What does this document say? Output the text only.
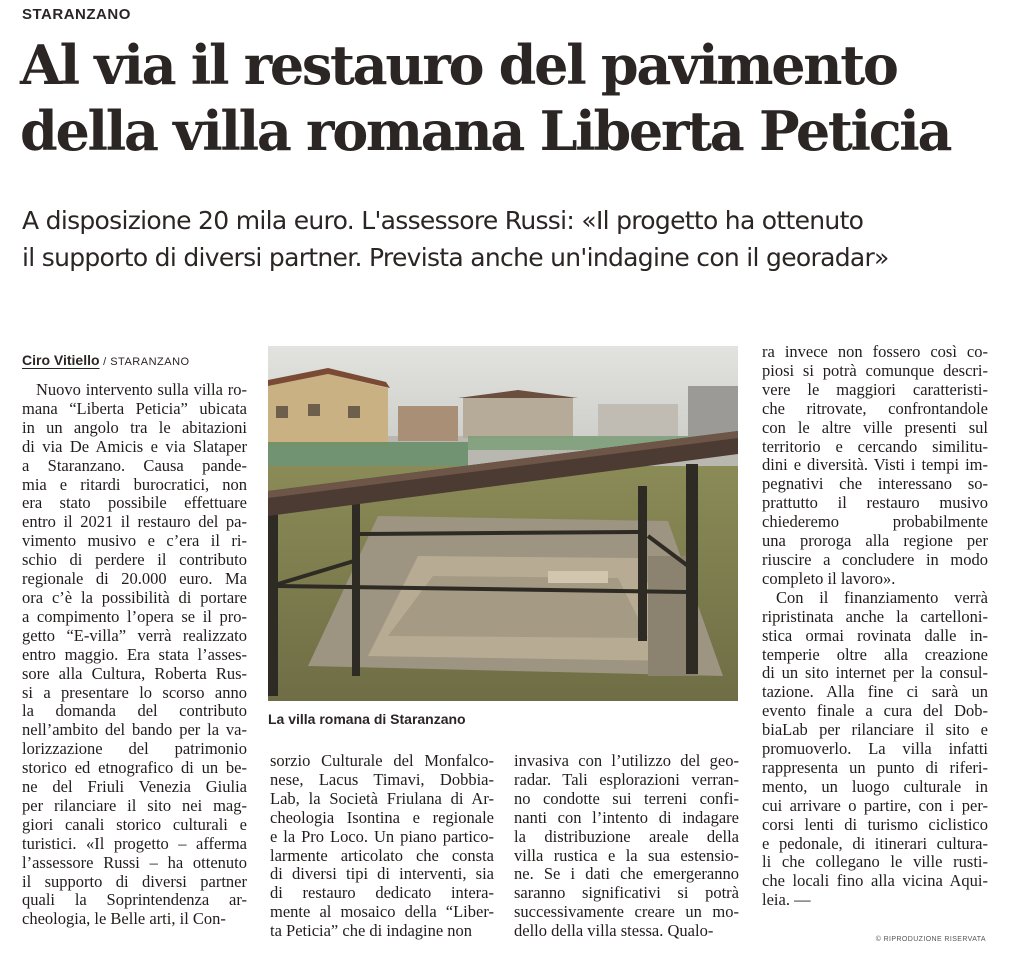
STARANZANO
Al via il restauro del pavimento
della villa romana Liberta Peticia
A disposizione 20 mila euro. L'assessore Russi: «Il progetto ha ottenuto
il supporto di diversi partner. Prevista anche un'indagine con il georadar»
Ciro Vitiello / STARANZANO
Nuovo intervento sulla villa ro-
mana “Liberta Peticia” ubicata
in un angolo tra le abitazioni
di via De Amicis e via Slataper
a Staranzano. Causa pande-
mia e ritardi burocratici, non
era stato possibile effettuare
entro il 2021 il restauro del pa-
vimento musivo e c’era il ri-
schio di perdere il contributo
regionale di 20.000 euro. Ma
ora c’è la possibilità di portare
a compimento l’opera se il pro-
getto “E-villa” verrà realizzato
entro maggio. Era stata l’asses-
sore alla Cultura, Roberta Rus-
si a presentare lo scorso anno
la domanda del contributo
nell’ambito del bando per la va-
lorizzazione del patrimonio
storico ed etnografico di un be-
ne del Friuli Venezia Giulia
per rilanciare il sito nei mag-
giori canali storico culturali e
turistici. «Il progetto – afferma
l’assessore Russi – ha ottenuto
il supporto di diversi partner
quali la Soprintendenza ar-
cheologia, le Belle arti, il Con-
La villa romana di Staranzano
sorzio Culturale del Monfalco-
nese, Lacus Timavi, Dobbia-
Lab, la Società Friulana di Ar-
cheologia Isontina e regionale
e la Pro Loco. Un piano partico-
larmente articolato che consta
di diversi tipi di interventi, sia
di restauro dedicato intera-
mente al mosaico della “Liber-
ta Peticia” che di indagine non
invasiva con l’utilizzo del geo-
radar. Tali esplorazioni verran-
no condotte sui terreni confi-
nanti con l’intento di indagare
la distribuzione areale della
villa rustica e la sua estensio-
ne. Se i dati che emergeranno
saranno significativi si potrà
successivamente creare un mo-
dello della villa stessa. Qualo-

ra invece non fossero così co-
piosi si potrà comunque descri-
vere le maggiori caratteristi-
che ritrovate, confrontandole
con le altre ville presenti sul
territorio e cercando similitu-
dini e diversità. Visti i tempi im-
pegnativi che interessano so-
prattutto il restauro musivo
chiederemo probabilmente
una proroga alla regione per
riuscire a concludere in modo
completo il lavoro».

Con il finanziamento verrà
ripristinata anche la cartelloni-
stica ormai rovinata dalle in-
temperie oltre alla creazione
di un sito internet per la consul-
tazione. Alla fine ci sarà un
evento finale a cura del Dob-
biaLab per rilanciare il sito e
promuoverlo. La villa infatti
rappresenta un punto di riferi-
mento, un luogo culturale in
cui arrivare o partire, con i per-
corsi lenti di turismo ciclistico
e pedonale, di itinerari cultura-
li che collegano le ville rusti-
che locali fino alla vicina Aqui-
leia. —

© RIPRODUZIONE RISERVATA
